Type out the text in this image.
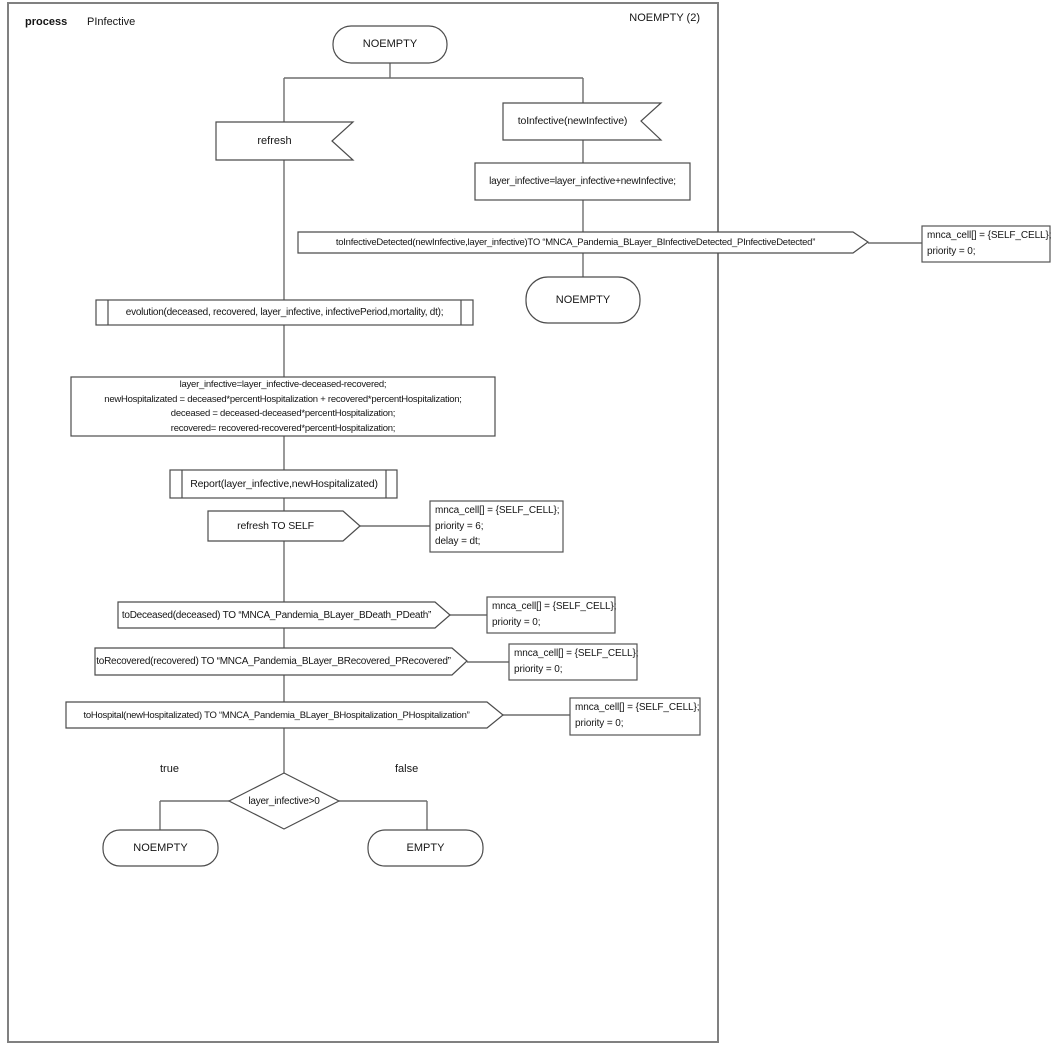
process PInfective	NOEMPTY (2)
NOEMPTY
NOEMPTY
NOEMPTY	EMPTY
refresh
toInfective(newInfective)
layer_infective=layer_infective+newInfective;
layer_infective=layer_infective-deceased-recovered;
newHospitalizated = deceased*percentHospitalization + recovered*percentHospitalization;
deceased = deceased-deceased*percentHospitalization;
recovered= recovered-recovered*percentHospitalization;
evolution(deceased, recovered, layer_infective, infectivePeriod,mortality, dt);
Report(layer_infective,newHospitalizated)
toInfectiveDetected(newInfective,layer_infective)TO “MNCA_Pandemia_BLayer_BInfectiveDetected_PInfectiveDetected”
refresh TO SELF
toDeceased(deceased) TO “MNCA_Pandemia_BLayer_BDeath_PDeath”
toRecovered(recovered) TO “MNCA_Pandemia_BLayer_BRecovered_PRecovered”
toHospital(newHospitalizated) TO “MNCA_Pandemia_BLayer_BHospitalization_PHospitalization”
layer_infective>0
true	false
mnca_cell[] = {SELF_CELL};
priority = 0;
mnca_cell[] = {SELF_CELL};
priority = 6;
delay = dt;
mnca_cell[] = {SELF_CELL};
priority = 0;
mnca_cell[] = {SELF_CELL};
priority = 0;
mnca_cell[] = {SELF_CELL};
priority = 0;
